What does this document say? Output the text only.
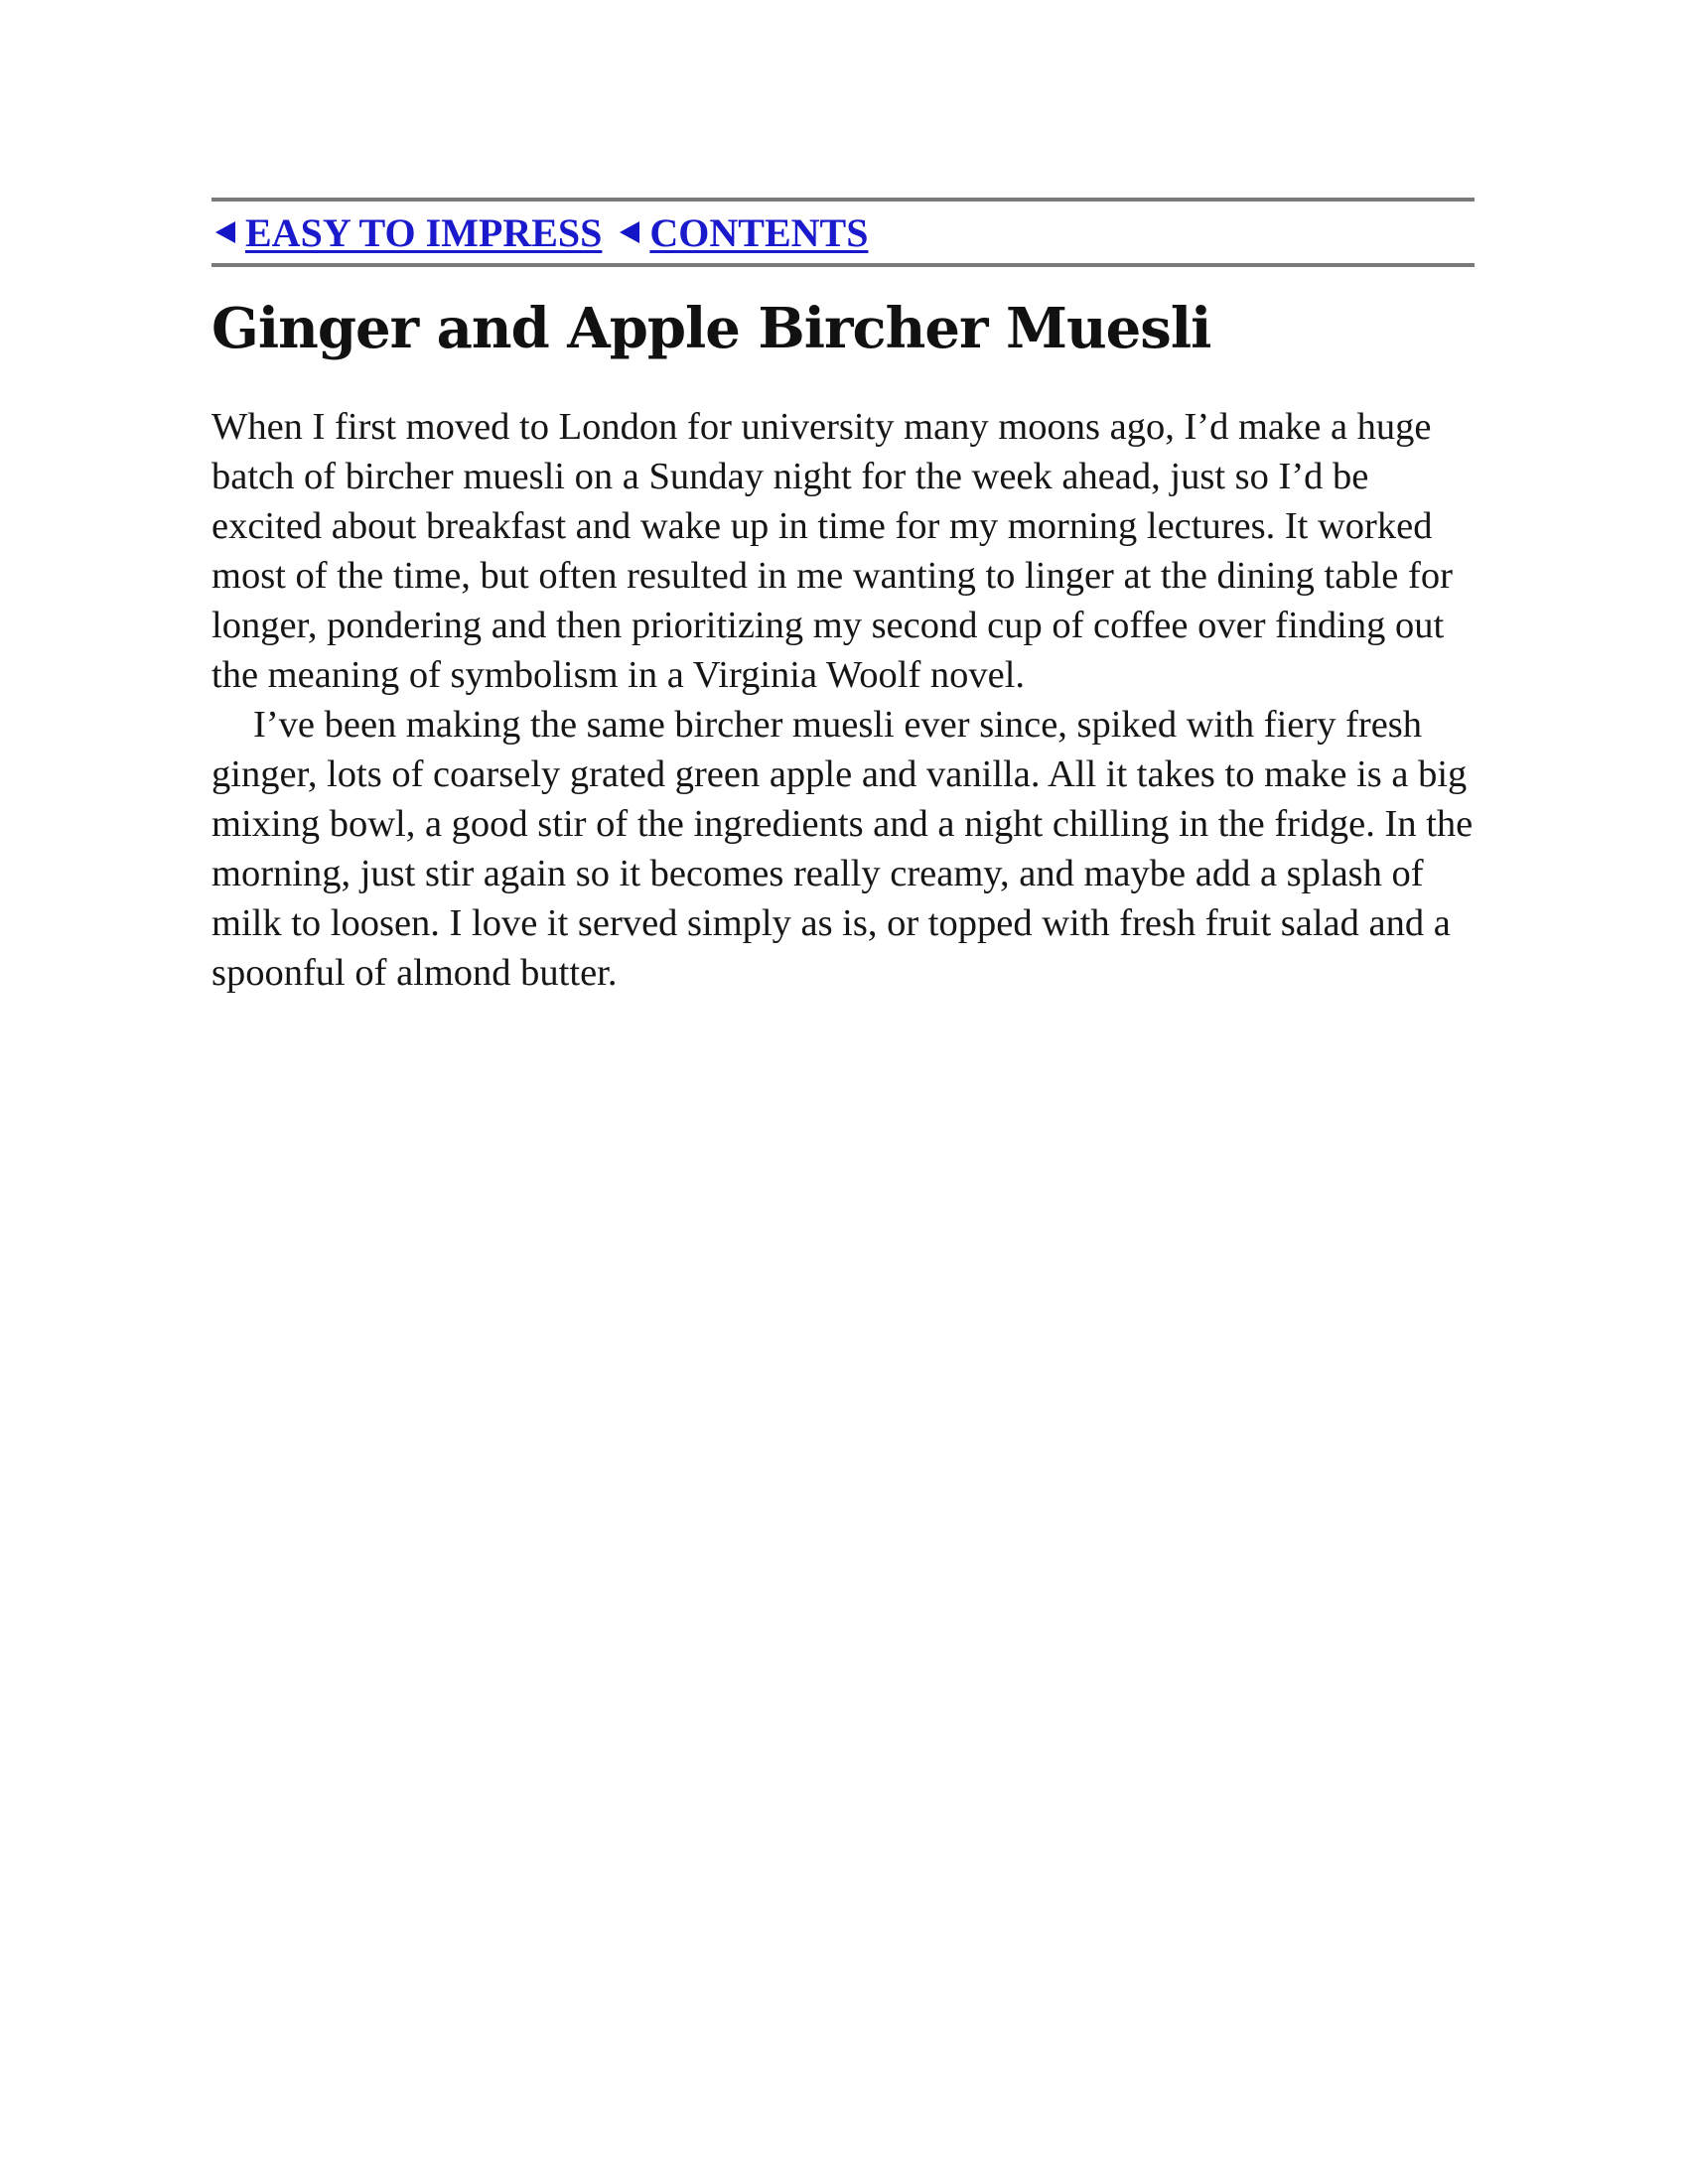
EASY TO IMPRESS CONTENTS
Ginger and Apple Bircher Muesli

When I first moved to London for university many moons ago, I’d make a huge batch of bircher muesli on a Sunday night for the week ahead, just so I’d be excited about breakfast and wake up in time for my morning lectures. It worked most of the time, but often resulted in me wanting to linger at the dining table for longer, pondering and then prioritizing my second cup of coffee over finding out the meaning of symbolism in a Virginia Woolf novel.

I’ve been making the same bircher muesli ever since, spiked with fiery fresh ginger, lots of coarsely grated green apple and vanilla. All it takes to make is a big mixing bowl, a good stir of the ingredients and a night chilling in the fridge. In the morning, just stir again so it becomes really creamy, and maybe add a splash of milk to loosen. I love it served simply as is, or topped with fresh fruit salad and a spoonful of almond butter.
